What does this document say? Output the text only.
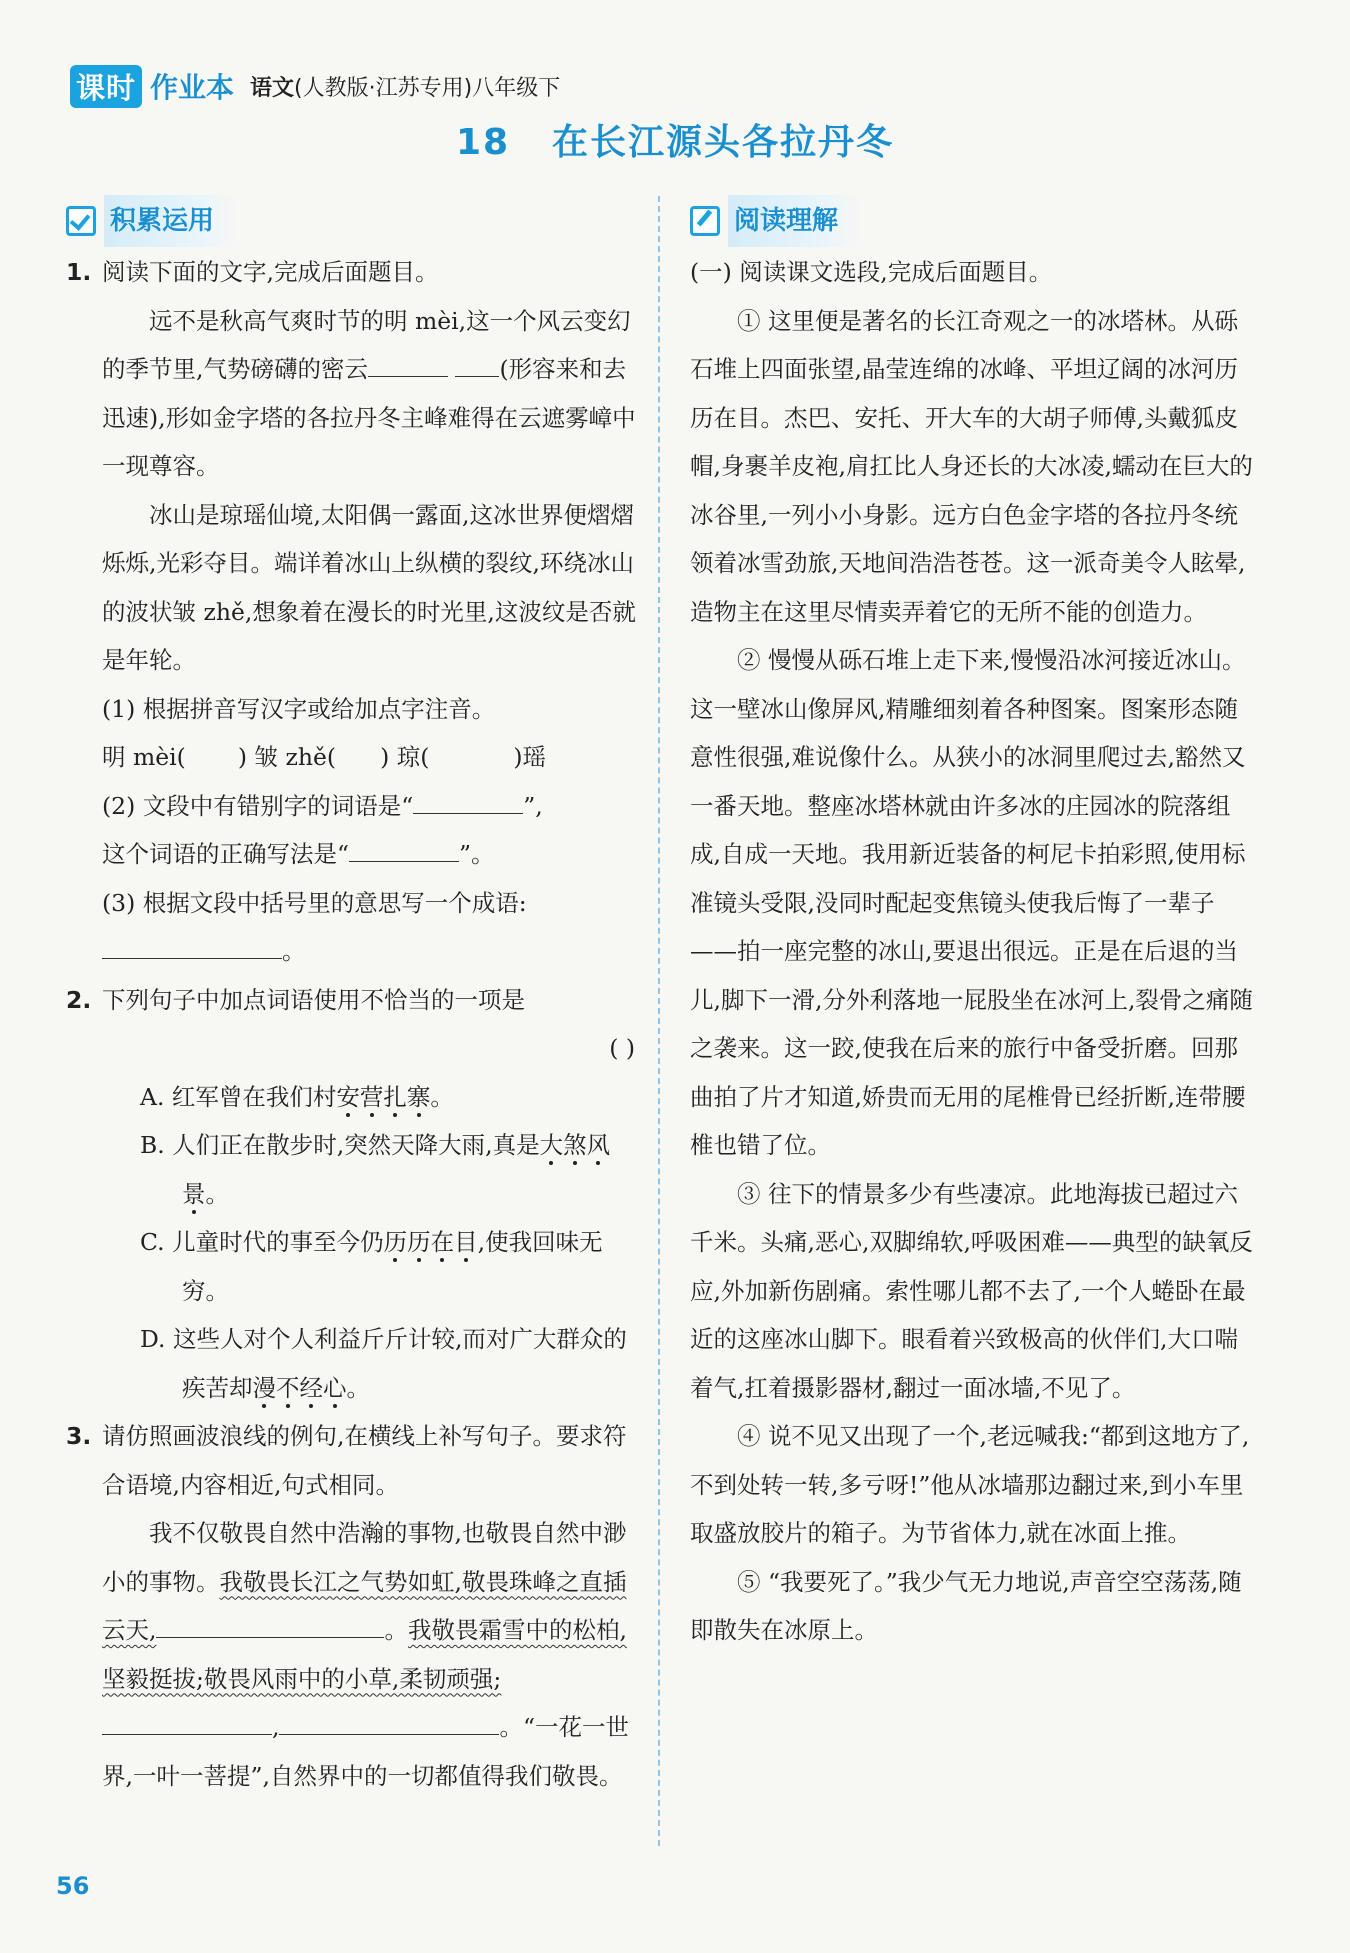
课时 作业本 语文(人教版·江苏专用)八年级下
18 在长江源头各拉丹冬
积累运用
1. 阅读下面的文字,完成后面题目。

远不是秋高气爽时节的明 mèi,这一个风云变幻的季节里,气势磅礴的密云	(形容来和去迅速),形如金字塔的各拉丹冬主峰难得在云遮雾嶂中一现尊容。

冰山是琼瑶仙境,太阳偶一露面,这冰世界便熠熠烁烁,光彩夺目。端详着冰山上纵横的裂纹,环绕冰山的波状皱 zhě,想象着在漫长的时光里,这波纹是否就是年轮。

(1) 根据拼音写汉字或给加点字注音。

明 mèi( ) 皱 zhě( ) 琼(	)瑶

(2) 文段中有错别字的词语是“	”,
这个词语的正确写法是“	”。

(3) 根据文段中括号里的意思写一个成语:

。

2. 下列句子中加点词语使用不恰当的一项是

( )

A. 红军曾在我们村安营扎寨。

B. 人们正在散步时,突然天降大雨,真是大煞风景。

C. 儿童时代的事至今仍历历在目,使我回味无穷。

D. 这些人对个人利益斤斤计较,而对广大群众的疾苦却漫不经心。

3. 请仿照画波浪线的例句,在横线上补写句子。要求符合语境,内容相近,句式相同。

我不仅敬畏自然中浩瀚的事物,也敬畏自然中渺小的事物。我敬畏长江之气势如虹,敬畏珠峰之直插云天,	。我敬畏霜雪中的松柏,坚毅挺拔;敬畏风雨中的小草,柔韧顽强;,	。“一花一世界,一叶一菩提”,自然界中的一切都值得我们敬畏。

阅读理解

(一) 阅读课文选段,完成后面题目。

① 这里便是著名的长江奇观之一的冰塔林。从砾石堆上四面张望,晶莹连绵的冰峰、平坦辽阔的冰河历历在目。杰巴、安托、开大车的大胡子师傅,头戴狐皮帽,身裹羊皮袍,肩扛比人身还长的大冰凌,蠕动在巨大的冰谷里,一列小小身影。远方白色金字塔的各拉丹冬统领着冰雪劲旅,天地间浩浩苍苍。这一派奇美令人眩晕,造物主在这里尽情卖弄着它的无所不能的创造力。

② 慢慢从砾石堆上走下来,慢慢沿冰河接近冰山。这一壁冰山像屏风,精雕细刻着各种图案。图案形态随意性很强,难说像什么。从狭小的冰洞里爬过去,豁然又一番天地。整座冰塔林就由许多冰的庄园冰的院落组成,自成一天地。我用新近装备的柯尼卡拍彩照,使用标准镜头受限,没同时配起变焦镜头使我后悔了一辈子——拍一座完整的冰山,要退出很远。正是在后退的当儿,脚下一滑,分外利落地一屁股坐在冰河上,裂骨之痛随之袭来。这一跤,使我在后来的旅行中备受折磨。回那曲拍了片才知道,娇贵而无用的尾椎骨已经折断,连带腰椎也错了位。

③ 往下的情景多少有些凄凉。此地海拔已超过六千米。头痛,恶心,双脚绵软,呼吸困难——典型的缺氧反应,外加新伤剧痛。索性哪儿都不去了,一个人蜷卧在最近的这座冰山脚下。眼看着兴致极高的伙伴们,大口喘着气,扛着摄影器材,翻过一面冰墙,不见了。

④ 说不见又出现了一个,老远喊我:“都到这地方了,不到处转一转,多亏呀!”他从冰墙那边翻过来,到小车里取盛放胶片的箱子。为节省体力,就在冰面上推。

⑤ “我要死了。”我少气无力地说,声音空空荡荡,随即散失在冰原上。

56
